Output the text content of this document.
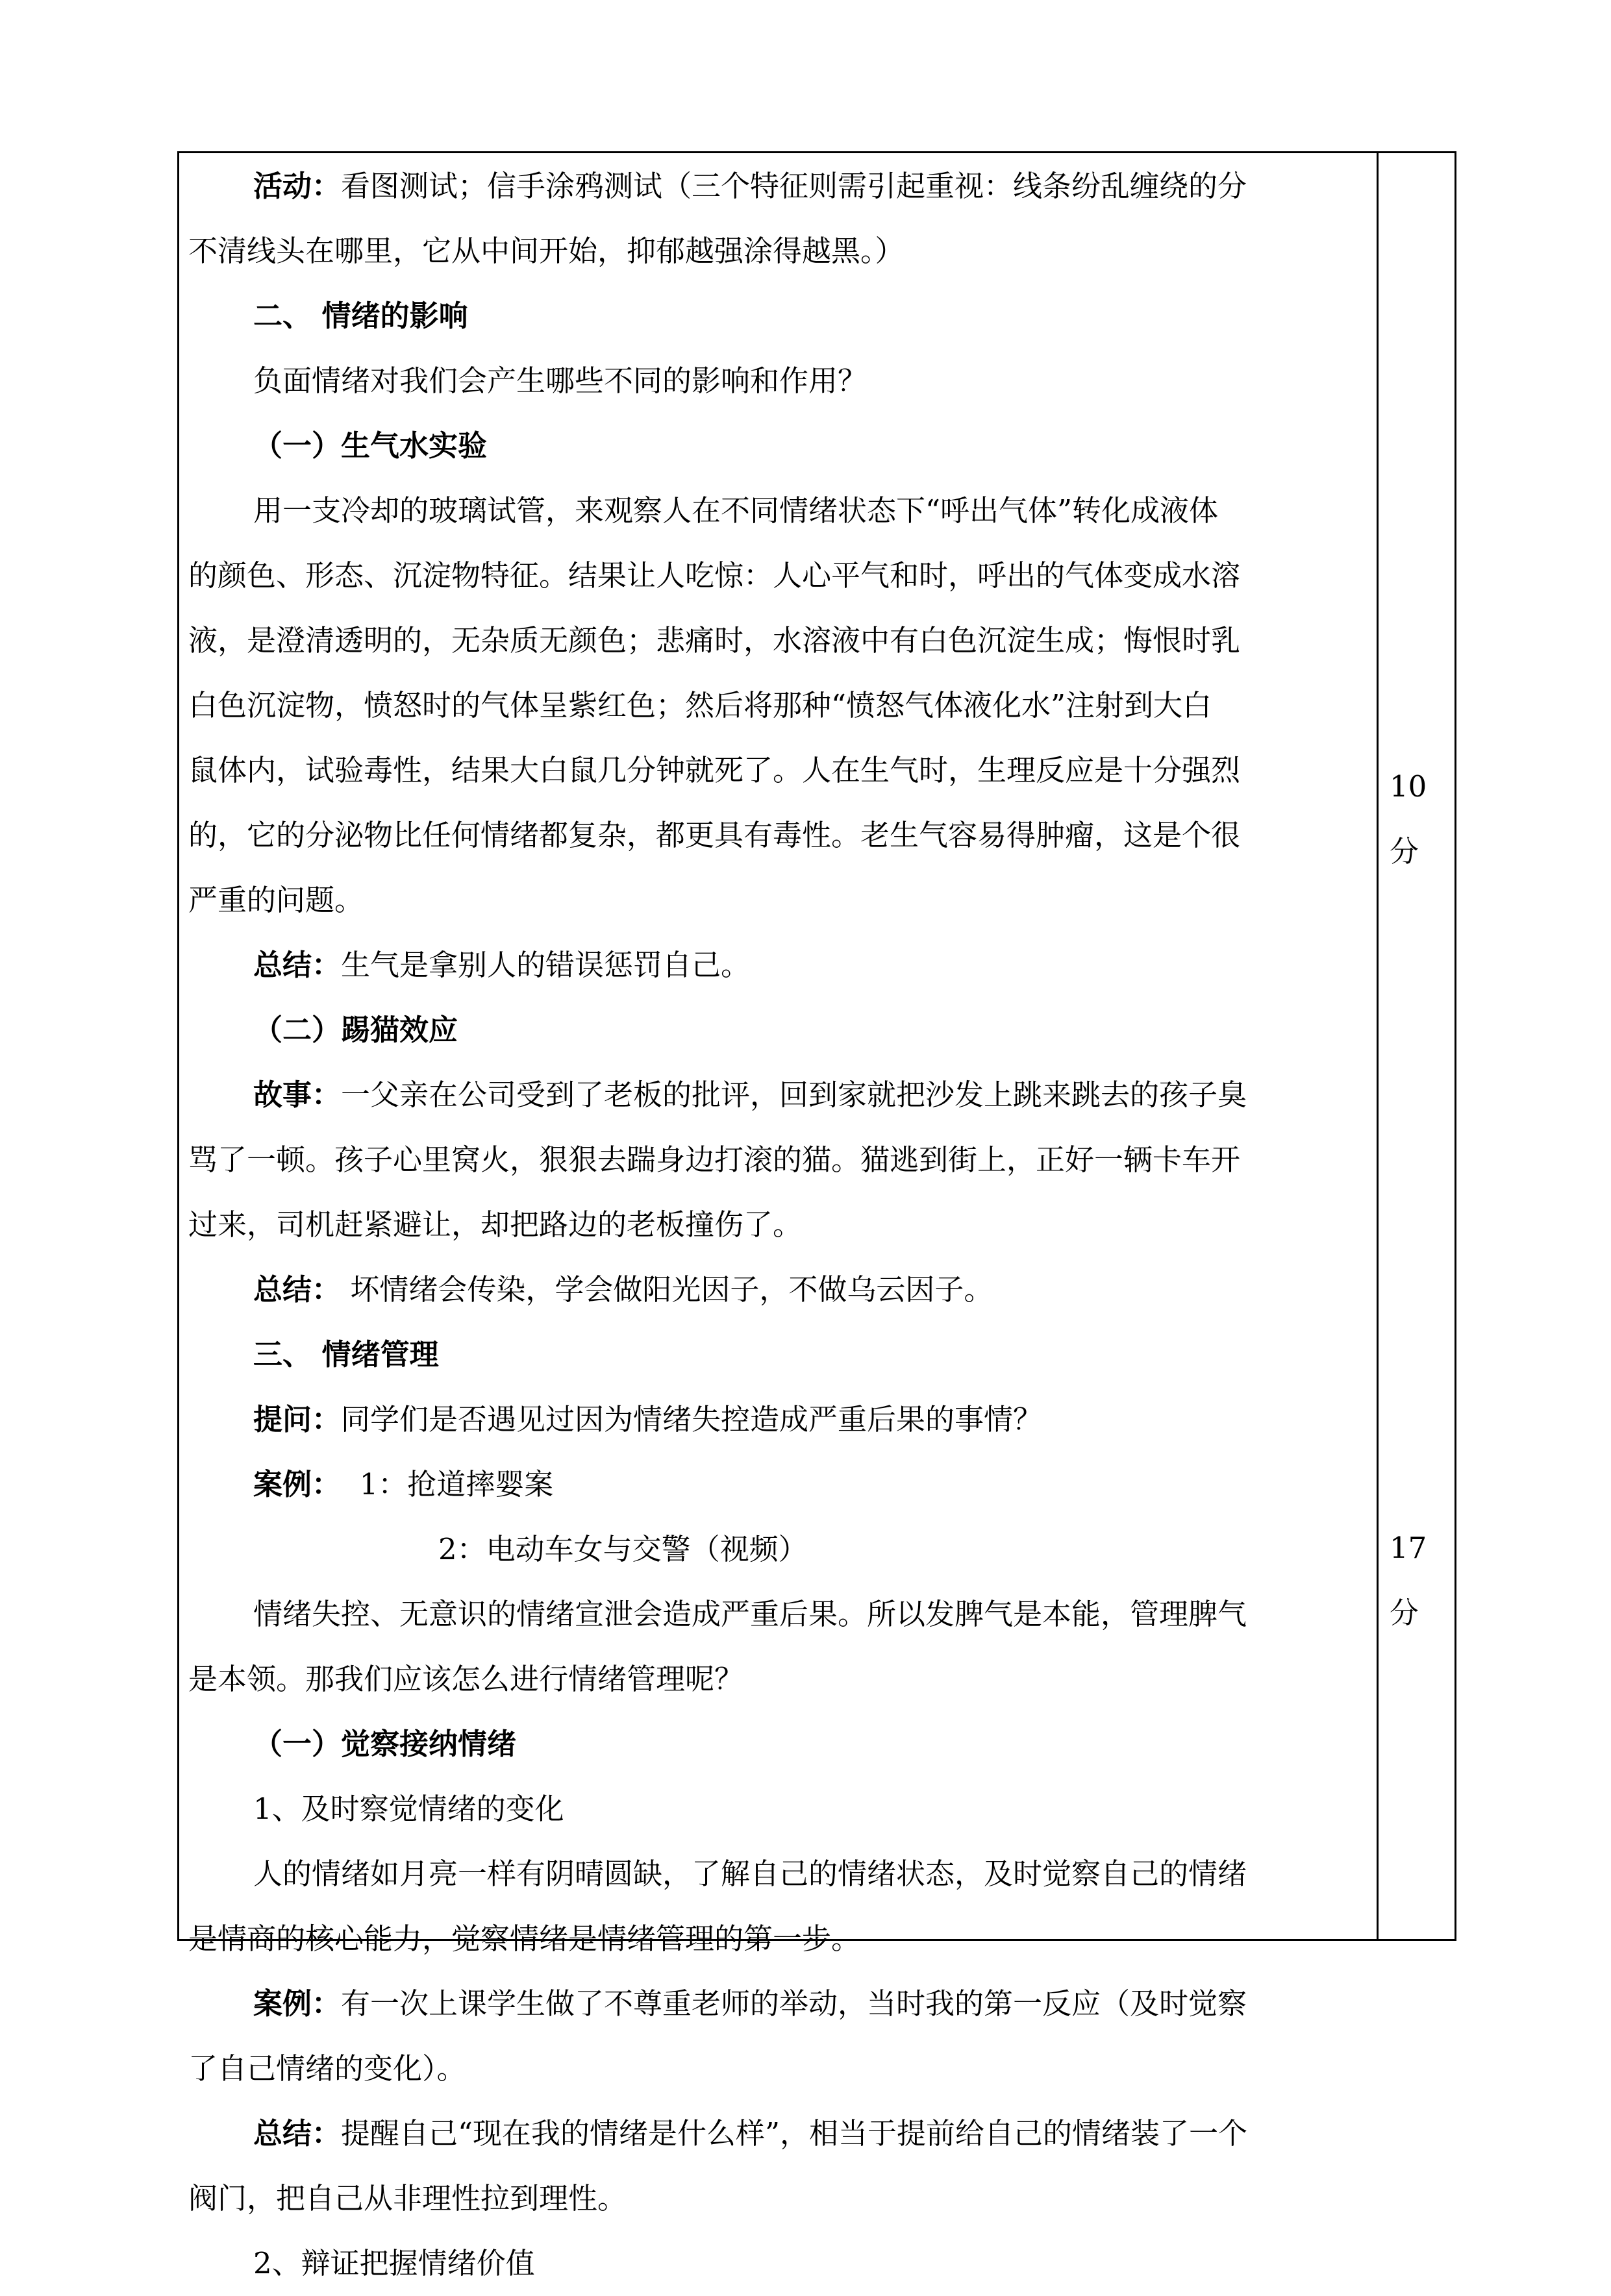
活动：看图测试；信手涂鸦测试（三个特征则需引起重视：线条纷乱缠绕的分

不清线头在哪里，它从中间开始，抑郁越强涂得越黑。）

二、 情绪的影响

负面情绪对我们会产生哪些不同的影响和作用？

（一）生气水实验

用一支冷却的玻璃试管，来观察人在不同情绪状态下“呼出气体”转化成液体

的颜色、形态、沉淀物特征。结果让人吃惊：人心平气和时，呼出的气体变成水溶

液，是澄清透明的，无杂质无颜色；悲痛时，水溶液中有白色沉淀生成；悔恨时乳

白色沉淀物，愤怒时的气体呈紫红色；然后将那种“愤怒气体液化水”注射到大白

鼠体内，试验毒性，结果大白鼠几分钟就死了。人在生气时，生理反应是十分强烈

的，它的分泌物比任何情绪都复杂，都更具有毒性。老生气容易得肿瘤，这是个很

严重的问题。

总结：生气是拿别人的错误惩罚自己。

（二）踢猫效应

故事：一父亲在公司受到了老板的批评，回到家就把沙发上跳来跳去的孩子臭

骂了一顿。孩子心里窝火，狠狠去踹身边打滚的猫。猫逃到街上，正好一辆卡车开

过来，司机赶紧避让，却把路边的老板撞伤了。

总结： 坏情绪会传染，学会做阳光因子，不做乌云因子。

三、 情绪管理

提问：同学们是否遇见过因为情绪失控造成严重后果的事情？

案例：  1：抢道摔婴案

2：电动车女与交警（视频）

情绪失控、无意识的情绪宣泄会造成严重后果。所以发脾气是本能，管理脾气

是本领。那我们应该怎么进行情绪管理呢？

（一）觉察接纳情绪

1、及时察觉情绪的变化

人的情绪如月亮一样有阴晴圆缺，了解自己的情绪状态，及时觉察自己的情绪

是情商的核心能力，觉察情绪是情绪管理的第一步。

案例：有一次上课学生做了不尊重老师的举动，当时我的第一反应（及时觉察

了自己情绪的变化）。

总结：提醒自己“现在我的情绪是什么样”，相当于提前给自己的情绪装了一个

阀门，把自己从非理性拉到理性。

2、辩证把握情绪价值

10
分
17
分
